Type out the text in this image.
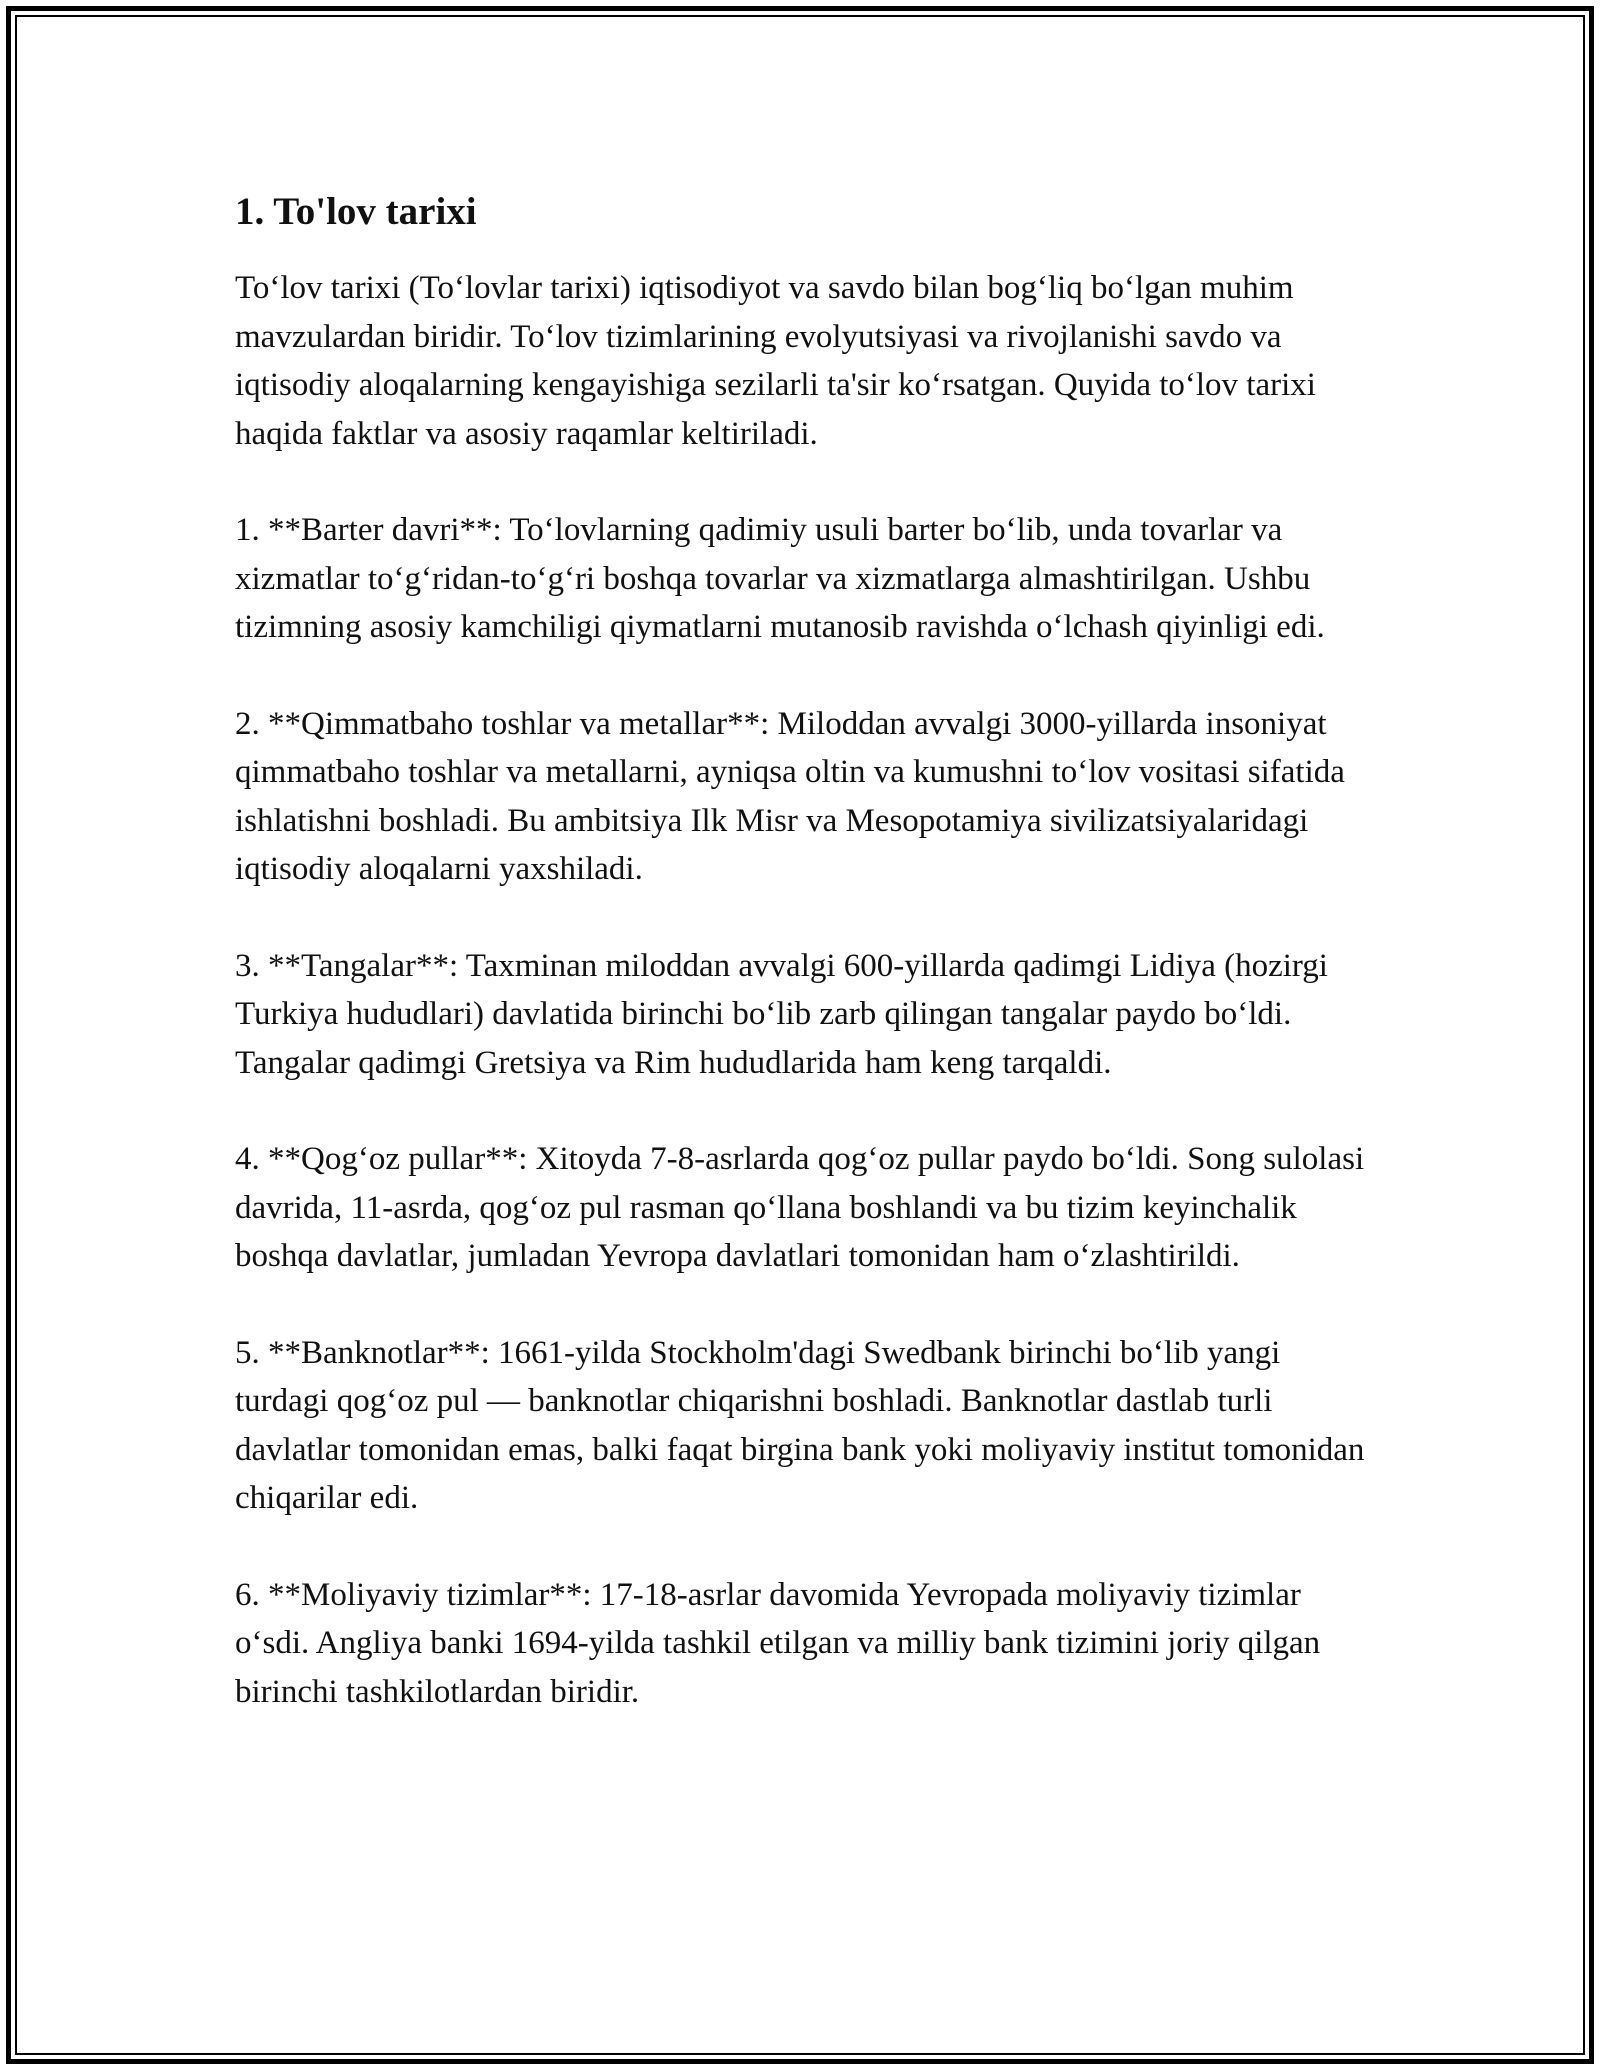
1. To'lov tarixi

To‘lov tarixi (To‘lovlar tarixi) iqtisodiyot va savdo bilan bog‘liq bo‘lgan muhim mavzulardan biridir. To‘lov tizimlarining evolyutsiyasi va rivojlanishi savdo va iqtisodiy aloqalarning kengayishiga sezilarli ta'sir ko‘rsatgan. Quyida to‘lov tarixi haqida faktlar va asosiy raqamlar keltiriladi.

1. **Barter davri**: To‘lovlarning qadimiy usuli barter bo‘lib, unda tovarlar va xizmatlar to‘g‘ridan-to‘g‘ri boshqa tovarlar va xizmatlarga almashtirilgan. Ushbu tizimning asosiy kamchiligi qiymatlarni mutanosib ravishda o‘lchash qiyinligi edi.

2. **Qimmatbaho toshlar va metallar**: Miloddan avvalgi 3000-yillarda insoniyat qimmatbaho toshlar va metallarni, ayniqsa oltin va kumushni to‘lov vositasi sifatida ishlatishni boshladi. Bu ambitsiya Ilk Misr va Mesopotamiya sivilizatsiyalaridagi iqtisodiy aloqalarni yaxshiladi.

3. **Tangalar**: Taxminan miloddan avvalgi 600-yillarda qadimgi Lidiya (hozirgi Turkiya hududlari) davlatida birinchi bo‘lib zarb qilingan tangalar paydo bo‘ldi. Tangalar qadimgi Gretsiya va Rim hududlarida ham keng tarqaldi.

4. **Qog‘oz pullar**: Xitoyda 7-8-asrlarda qog‘oz pullar paydo bo‘ldi. Song sulolasi davrida, 11-asrda, qog‘oz pul rasman qo‘llana boshlandi va bu tizim keyinchalik boshqa davlatlar, jumladan Yevropa davlatlari tomonidan ham o‘zlashtirildi.

5. **Banknotlar**: 1661-yilda Stockholm'dagi Swedbank birinchi bo‘lib yangi turdagi qog‘oz pul — banknotlar chiqarishni boshladi. Banknotlar dastlab turli davlatlar tomonidan emas, balki faqat birgina bank yoki moliyaviy institut tomonidan chiqarilar edi.

6. **Moliyaviy tizimlar**: 17-18-asrlar davomida Yevropada moliyaviy tizimlar o‘sdi. Angliya banki 1694-yilda tashkil etilgan va milliy bank tizimini joriy qilgan birinchi tashkilotlardan biridir.
